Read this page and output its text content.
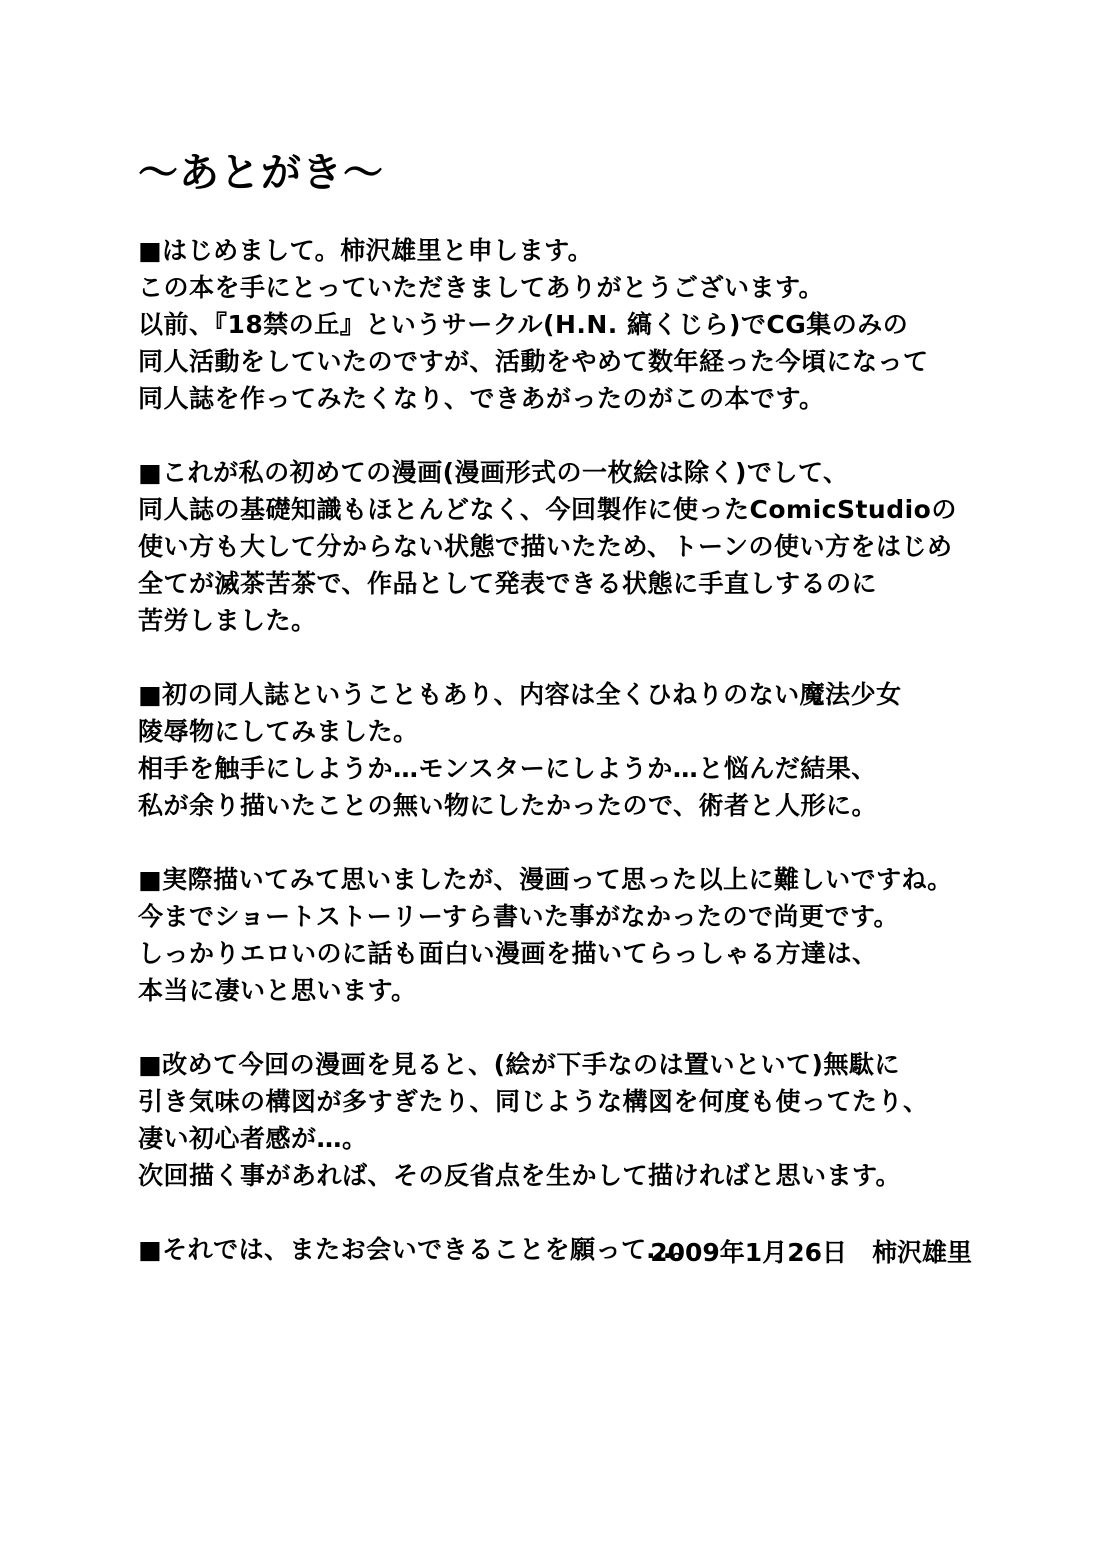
～あとがき～
■はじめまして。柿沢雄里と申します。
この本を手にとっていただきましてありがとうございます。
以前、『18禁の丘』というサークル(H.N. 縞くじら)でCG集のみの
同人活動をしていたのですが、活動をやめて数年経った今頃になって
同人誌を作ってみたくなり、できあがったのがこの本です。
■これが私の初めての漫画(漫画形式の一枚絵は除く)でして、
同人誌の基礎知識もほとんどなく、今回製作に使ったComicStudioの
使い方も大して分からない状態で描いたため、トーンの使い方をはじめ
全てが滅茶苦茶で、作品として発表できる状態に手直しするのに
苦労しました。
■初の同人誌ということもあり、内容は全くひねりのない魔法少女
陵辱物にしてみました。
相手を触手にしようか…モンスターにしようか…と悩んだ結果、
私が余り描いたことの無い物にしたかったので、術者と人形に。
■実際描いてみて思いましたが、漫画って思った以上に難しいですね。
今までショートストーリーすら書いた事がなかったので尚更です。
しっかりエロいのに話も面白い漫画を描いてらっしゃる方達は、
本当に凄いと思います。
■改めて今回の漫画を見ると、(絵が下手なのは置いといて)無駄に
引き気味の構図が多すぎたり、同じような構図を何度も使ってたり、
凄い初心者感が…。
次回描く事があれば、その反省点を生かして描ければと思います。
■それでは、またお会いできることを願って…。
2009年1月26日　柿沢雄里
